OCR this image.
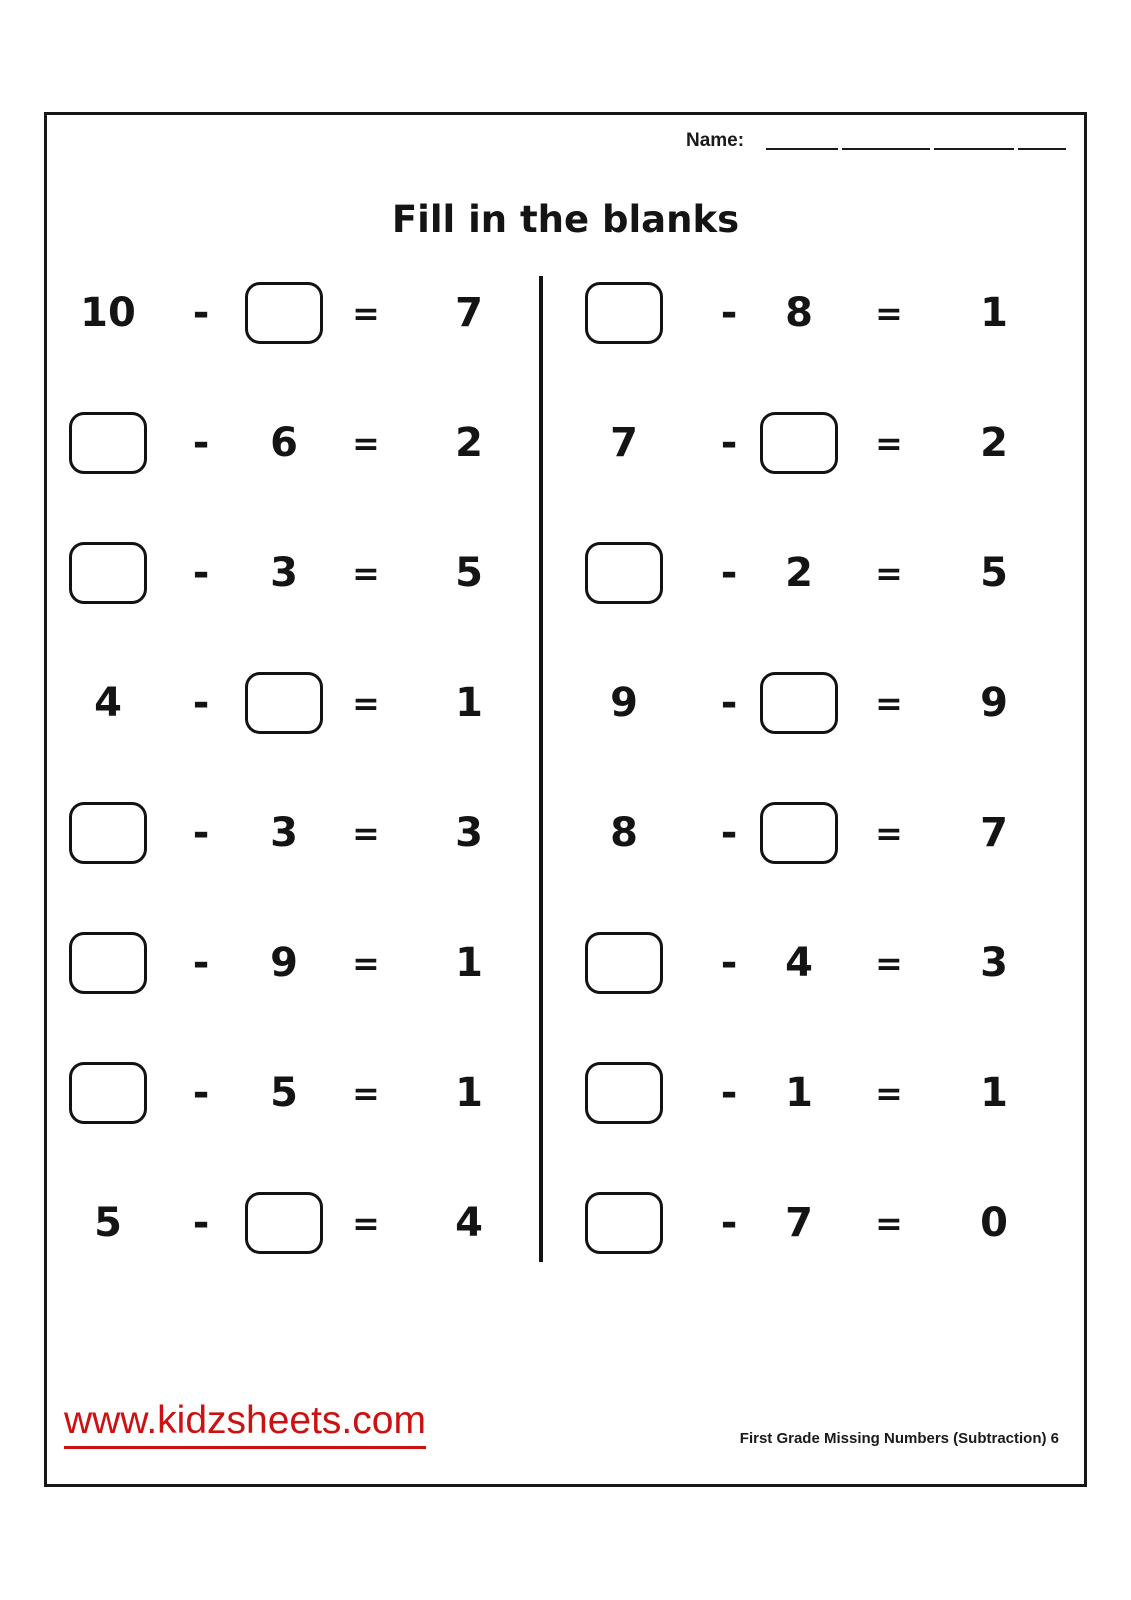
Name:
Fill in the blanks
10 -	= 7
- 6 = 2
- 3 = 5
4 -	= 1
- 3 = 3
- 9 = 1
- 5 = 1
5 -	= 4
- 8 = 1
7 -	= 2
- 2 = 5
9 -	= 9
8 -	= 7
- 4 = 3
- 1 = 1
- 7 = 0
www.kidzsheets.com	First Grade Missing Numbers (Subtraction) 6
